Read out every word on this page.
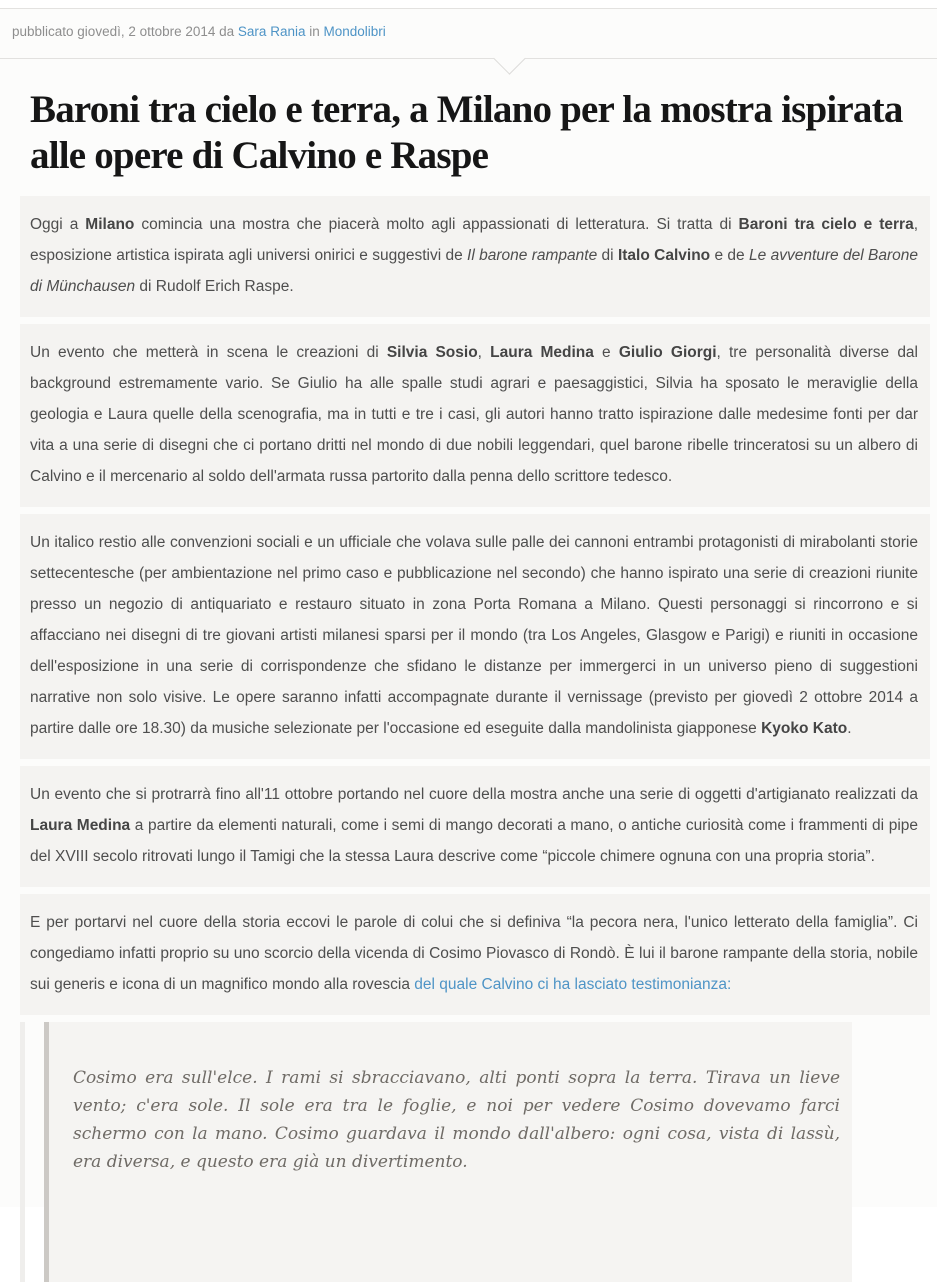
pubblicato giovedì, 2 ottobre 2014 da Sara Rania in Mondolibri
Baroni tra cielo e terra, a Milano per la mostra ispirata alle opere di Calvino e Raspe
Oggi a Milano comincia una mostra che piacerà molto agli appassionati di letteratura. Si tratta di Baroni tra cielo e terra, esposizione artistica ispirata agli universi onirici e suggestivi de Il barone rampante di Italo Calvino e de Le avventure del Barone di Münchausen di Rudolf Erich Raspe.
Un evento che metterà in scena le creazioni di Silvia Sosio, Laura Medina e Giulio Giorgi, tre personalità diverse dal background estremamente vario. Se Giulio ha alle spalle studi agrari e paesaggistici, Silvia ha sposato le meraviglie della geologia e Laura quelle della scenografia, ma in tutti e tre i casi, gli autori hanno tratto ispirazione dalle medesime fonti per dar vita a una serie di disegni che ci portano dritti nel mondo di due nobili leggendari, quel barone ribelle trinceratosi su un albero di Calvino e il mercenario al soldo dell'armata russa partorito dalla penna dello scrittore tedesco.
Un italico restio alle convenzioni sociali e un ufficiale che volava sulle palle dei cannoni entrambi protagonisti di mirabolanti storie settecentesche (per ambientazione nel primo caso e pubblicazione nel secondo) che hanno ispirato una serie di creazioni riunite presso un negozio di antiquariato e restauro situato in zona Porta Romana a Milano. Questi personaggi si rincorrono e si affacciano nei disegni di tre giovani artisti milanesi sparsi per il mondo (tra Los Angeles, Glasgow e Parigi) e riuniti in occasione dell'esposizione in una serie di corrispondenze che sfidano le distanze per immergerci in un universo pieno di suggestioni narrative non solo visive. Le opere saranno infatti accompagnate durante il vernissage (previsto per giovedì 2 ottobre 2014 a partire dalle ore 18.30) da musiche selezionate per l'occasione ed eseguite dalla mandolinista giapponese Kyoko Kato.
Un evento che si protrarrà fino all'11 ottobre portando nel cuore della mostra anche una serie di oggetti d'artigianato realizzati da Laura Medina a partire da elementi naturali, come i semi di mango decorati a mano, o antiche curiosità come i frammenti di pipe del XVIII secolo ritrovati lungo il Tamigi che la stessa Laura descrive come “piccole chimere ognuna con una propria storia”.
E per portarvi nel cuore della storia eccovi le parole di colui che si definiva “la pecora nera, l'unico letterato della famiglia”. Ci congediamo infatti proprio su uno scorcio della vicenda di Cosimo Piovasco di Rondò. È lui il barone rampante della storia, nobile sui generis e icona di un magnifico mondo alla rovescia del quale Calvino ci ha lasciato testimonianza:

Cosimo era sull'elce. I rami si sbracciavano, alti ponti sopra la terra. Tirava un lieve vento; c'era sole. Il sole era tra le foglie, e noi per vedere Cosimo dovevamo farci schermo con la mano. Cosimo guardava il mondo dall'albero: ogni cosa, vista di lassù, era diversa, e questo era già un divertimento.
